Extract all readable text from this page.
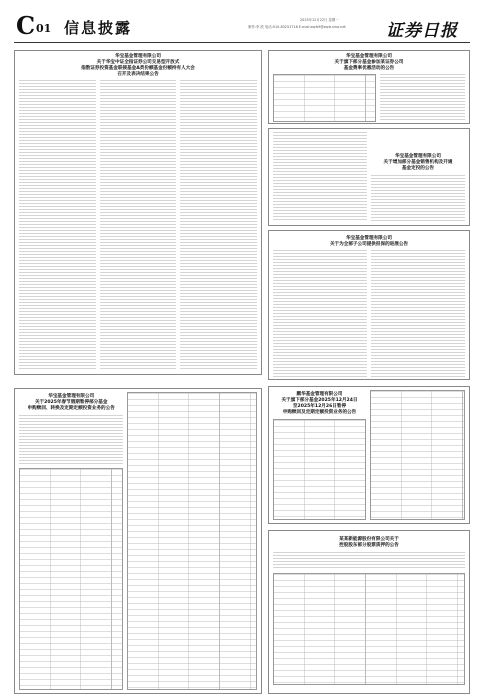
C 01 信息披露	2025年12月22日 星期一
制作:李 波 电话:010-83251716 E-mail:zqrb9@zqrb.sina.net 证券日报
华宝基金管理有限公司
关于华宝中证全指证券公司交易型开放式
指数证券投资基金联接基金A类份额基金份额持有人大会
召开及表决结果公告
华宝基金管理有限公司
关于旗下部分基金参加某证券公司
基金费率优惠活动的公告
华宝基金管理有限公司
关于增加部分基金销售机构及开通
基金定投的公告
华宝基金管理有限公司
关于为全部子公司提供担保的进展公告
鹏华基金管理有限公司
关于旗下部分基金2025年12月24日
至2025年12月26日暂停
申购赎回及定期定额投资业务的公告
华宝基金管理有限公司
关于2025年春节假期暂停部分基金
申购赎回、转换及定期定额投资业务的公告
某某新能源股份有限公司关于
控股股东部分股票质押的公告
